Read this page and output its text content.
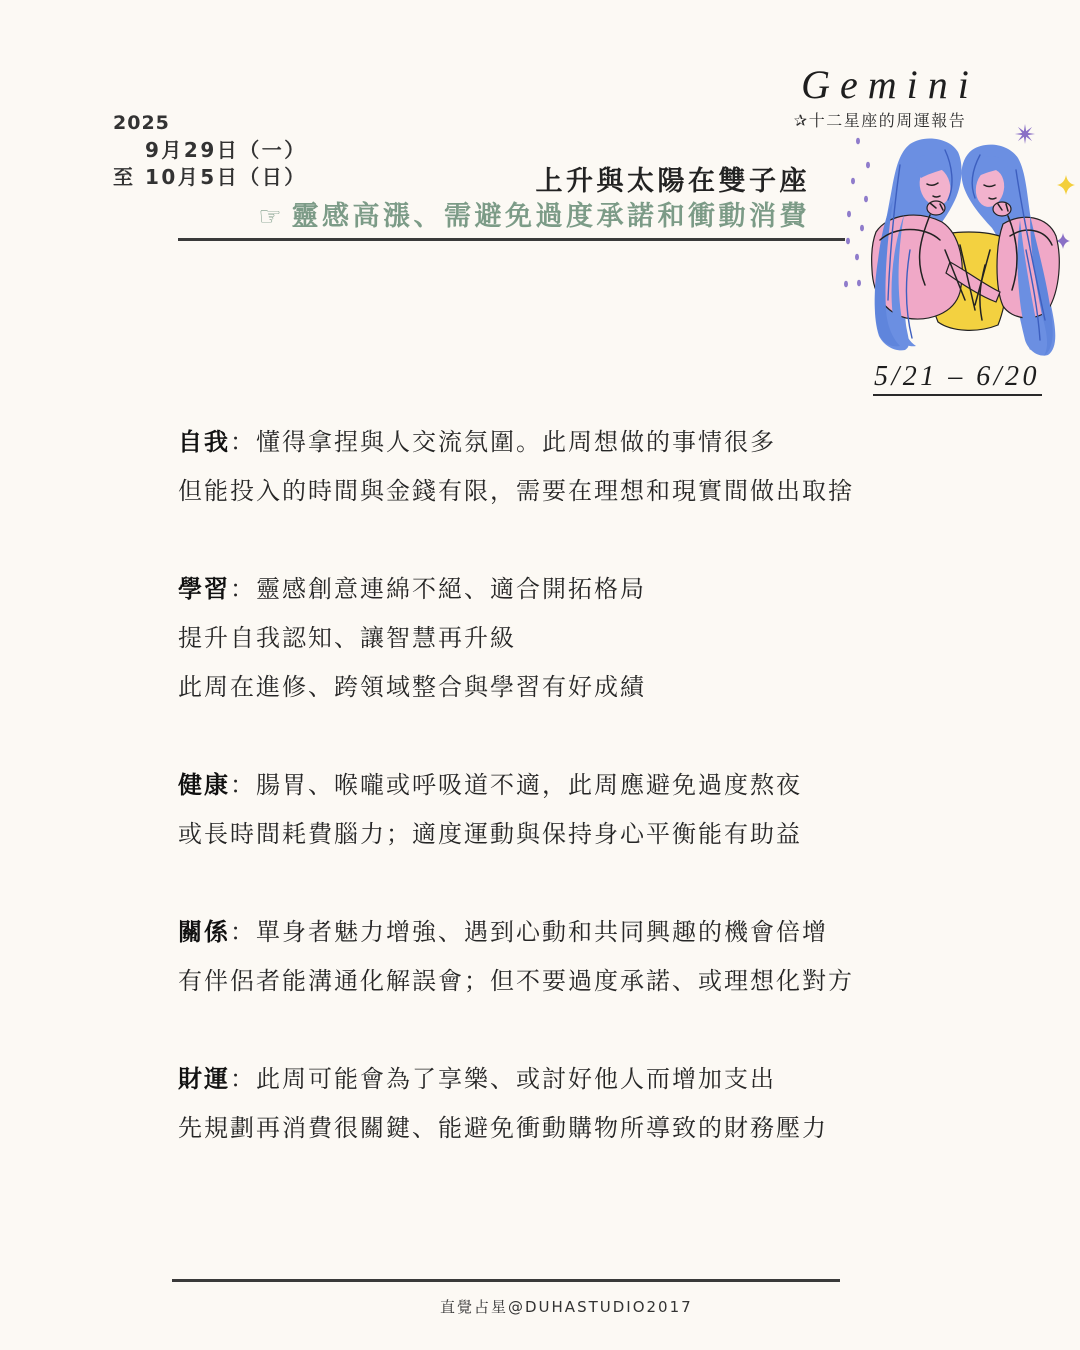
2025
9月29日（一）
至 10月5日（日）
Gemini
✰十二星座的周運報告
上升與太陽在雙子座
☞ 靈感高漲、需避免過度承諾和衝動消費
5/21 – 6/20
自我：懂得拿捏與人交流氛圍。此周想做的事情很多
但能投入的時間與金錢有限，需要在理想和現實間做出取捨
學習：靈感創意連綿不絕、適合開拓格局
提升自我認知、讓智慧再升級
此周在進修、跨領域整合與學習有好成績
健康：腸胃、喉嚨或呼吸道不適，此周應避免過度熬夜
或長時間耗費腦力；適度運動與保持身心平衡能有助益
關係：單身者魅力增強、遇到心動和共同興趣的機會倍增
有伴侶者能溝通化解誤會；但不要過度承諾、或理想化對方
財運：此周可能會為了享樂、或討好他人而增加支出
先規劃再消費很關鍵、能避免衝動購物所導致的財務壓力
直覺占星@DUHASTUDIO2017
